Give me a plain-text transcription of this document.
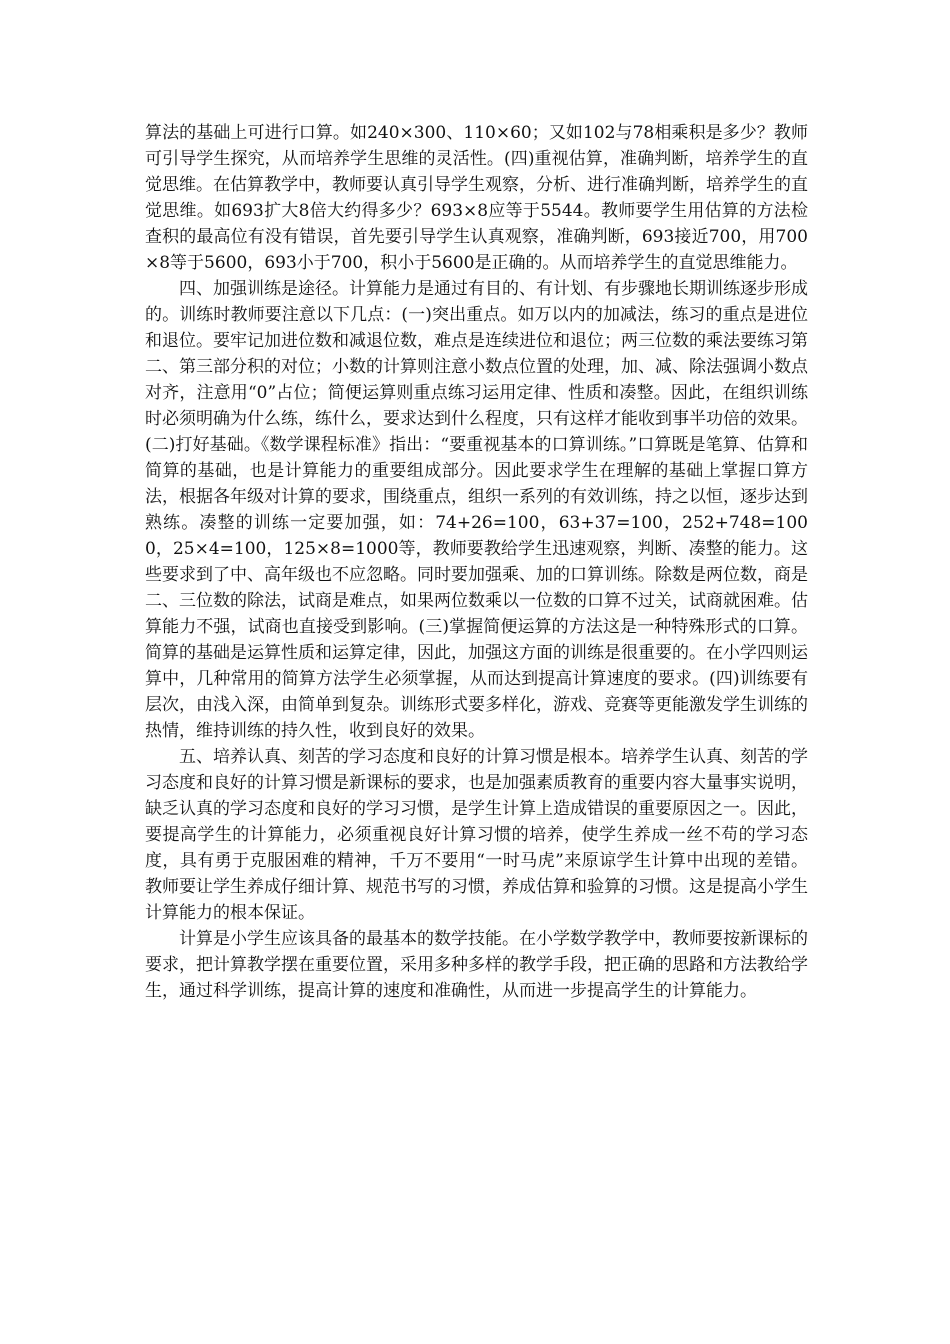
算法的基础上可进行口算。如240×300、110×60；又如102与78相乘积是多少？教师可引导学生探究，从而培养学生思维的灵活性。(四)重视估算，准确判断，培养学生的直觉思维。在估算教学中，教师要认真引导学生观察，分析、进行准确判断，培养学生的直觉思维。如693扩大8倍大约得多少？693×8应等于5544。教师要学生用估算的方法检查积的最高位有没有错误，首先要引导学生认真观察，准确判断，693接近700，用700×8等于5600，693小于700，积小于5600是正确的。从而培养学生的直觉思维能力。

四、加强训练是途径。计算能力是通过有目的、有计划、有步骤地长期训练逐步形成的。训练时教师要注意以下几点：(一)突出重点。如万以内的加减法，练习的重点是进位和退位。要牢记加进位数和减退位数，难点是连续进位和退位；两三位数的乘法要练习第二、第三部分积的对位；小数的计算则注意小数点位置的处理，加、减、除法强调小数点对齐，注意用“0”占位；简便运算则重点练习运用定律、性质和凑整。因此，在组织训练时必须明确为什么练，练什么，要求达到什么程度，只有这样才能收到事半功倍的效果。(二)打好基础。《数学课程标准》指出：“要重视基本的口算训练。”口算既是笔算、估算和简算的基础，也是计算能力的重要组成部分。因此要求学生在理解的基础上掌握口算方法，根据各年级对计算的要求，围绕重点，组织一系列的有效训练，持之以恒，逐步达到熟练。凑整的训练一定要加强，如：74+26=100，63+37=100，252+748=1000，25×4=100，125×8=1000等，教师要教给学生迅速观察，判断、凑整的能力。这些要求到了中、高年级也不应忽略。同时要加强乘、加的口算训练。除数是两位数，商是二、三位数的除法，试商是难点，如果两位数乘以一位数的口算不过关，试商就困难。估算能力不强，试商也直接受到影响。(三)掌握简便运算的方法这是一种特殊形式的口算。简算的基础是运算性质和运算定律，因此，加强这方面的训练是很重要的。在小学四则运算中，几种常用的简算方法学生必须掌握，从而达到提高计算速度的要求。(四)训练要有层次，由浅入深，由简单到复杂。训练形式要多样化，游戏、竞赛等更能激发学生训练的热情，维持训练的持久性，收到良好的效果。

五、培养认真、刻苦的学习态度和良好的计算习惯是根本。培养学生认真、刻苦的学习态度和良好的计算习惯是新课标的要求，也是加强素质教育的重要内容大量事实说明，缺乏认真的学习态度和良好的学习习惯，是学生计算上造成错误的重要原因之一。因此，要提高学生的计算能力，必须重视良好计算习惯的培养，使学生养成一丝不苟的学习态度，具有勇于克服困难的精神，千万不要用“一时马虎”来原谅学生计算中出现的差错。教师要让学生养成仔细计算、规范书写的习惯，养成估算和验算的习惯。这是提高小学生计算能力的根本保证。

计算是小学生应该具备的最基本的数学技能。在小学数学教学中，教师要按新课标的要求，把计算教学摆在重要位置，采用多种多样的教学手段，把正确的思路和方法教给学生，通过科学训练，提高计算的速度和准确性，从而进一步提高学生的计算能力。
